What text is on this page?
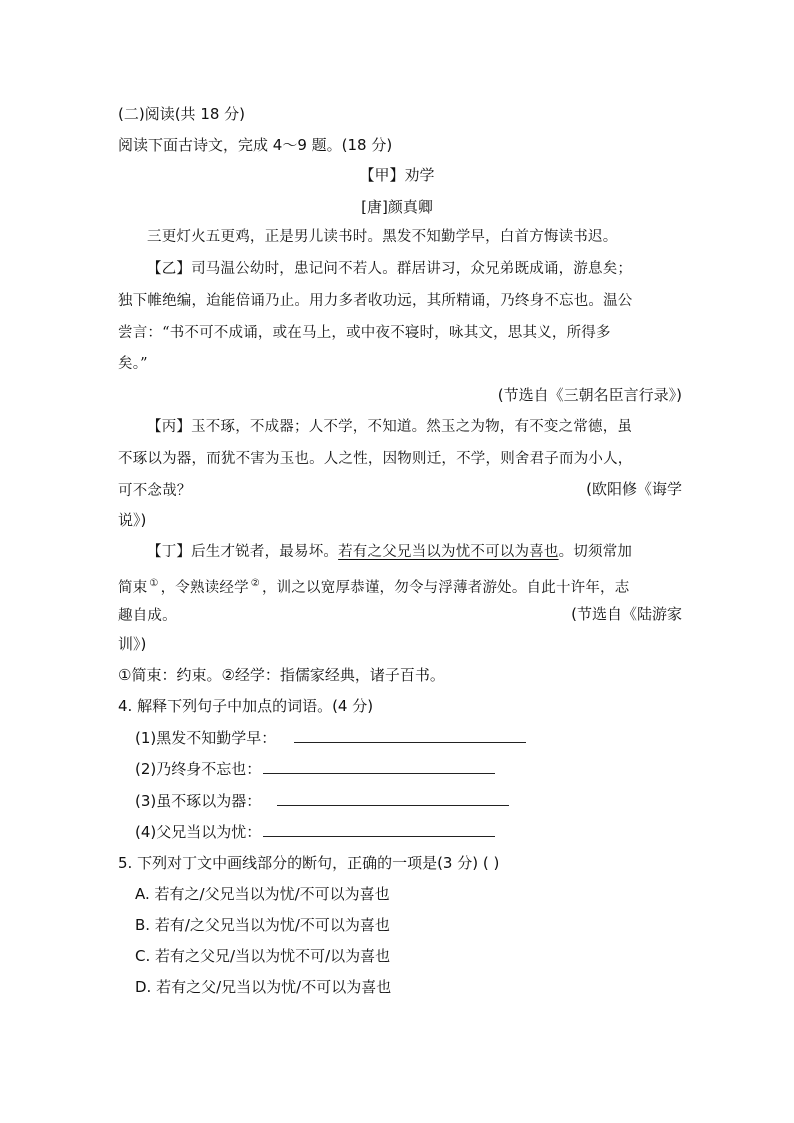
(二)阅读(共 18 分)
阅读下面古诗文，完成 4～9 题。(18 分)
【甲】劝学
[唐]颜真卿
三更灯火五更鸡，正是男儿读书时。黑发不知勤学早，白首方悔读书迟。
【乙】司马温公幼时，患记问不若人。群居讲习，众兄弟既成诵，游息矣；
独下帷绝编，迨能倍诵乃止。用力多者收功远，其所精诵，乃终身不忘也。温公
尝言：“书不可不成诵，或在马上，或中夜不寝时，咏其文，思其义，所得多
矣。”
(节选自《三朝名臣言行录》)
【丙】玉不琢，不成器；人不学，不知道。然玉之为物，有不变之常德，虽
不琢以为器，而犹不害为玉也。人之性，因物则迁，不学，则舍君子而为小人，
可不念哉？	(欧阳修《诲学
说》)
【丁】后生才锐者，最易坏。若有之父兄当以为忧不可以为喜也。切须常加
简束 ① ，令熟读经学 ② ，训之以宽厚恭谨，勿令与浮薄者游处。自此十许年，志
趣自成。	(节选自《陆游家
训》)
①简束：约束。②经学：指儒家经典，诸子百书。
4. 解释下列句子中加点的词语。(4 分)
(1)黑发不知勤学早：
(2)乃终身不忘也：
(3)虽不琢以为器：
(4)父兄当以为忧：
5. 下列对丁文中画线部分的断句，正确的一项是(3 分) ( )
A. 若有之/父兄当以为忧/不可以为喜也
B. 若有/之父兄当以为忧/不可以为喜也
C. 若有之父兄/当以为忧不可/以为喜也
D. 若有之父/兄当以为忧/不可以为喜也
